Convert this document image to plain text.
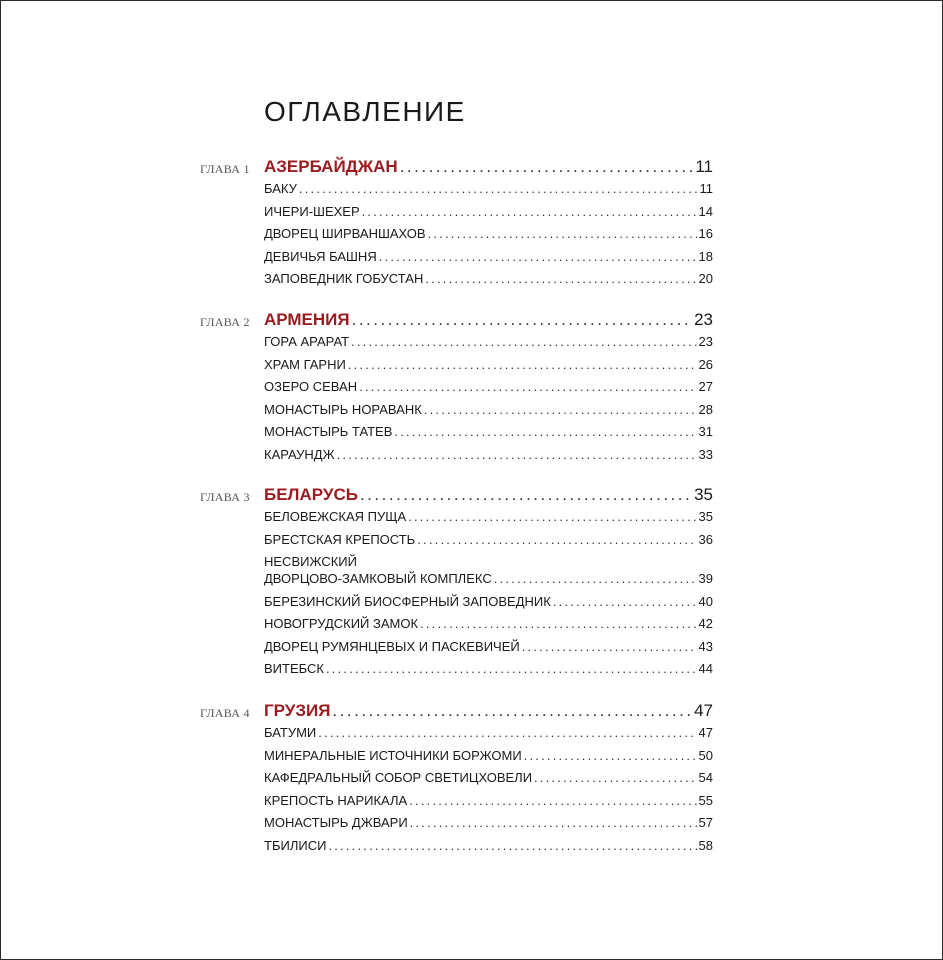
ОГЛАВЛЕНИЕ
ГЛАВА 1 АЗЕРБАЙДЖАН .....	11
БАКУ .....	11
ИЧЕРИ-ШЕХЕР .....	14
ДВОРЕЦ ШИРВАНШАХОВ .....	16
ДЕВИЧЬЯ БАШНЯ .....	18
ЗАПОВЕДНИК ГОБУСТАН .....	20
ГЛАВА 2 АРМЕНИЯ .....	23
ГОРА АРАРАТ .....	23
ХРАМ ГАРНИ .....	26
ОЗЕРО СЕВАН .....	27
МОНАСТЫРЬ НОРАВАНК .....	28
МОНАСТЫРЬ ТАТЕВ .....	31
КАРАУНДЖ .....	33
ГЛАВА 3 БЕЛАРУСЬ .....	35
БЕЛОВЕЖСКАЯ ПУЩА .....	35
БРЕСТСКАЯ КРЕПОСТЬ .....	36
НЕСВИЖСКИЙ
ДВОРЦОВО-ЗАМКОВЫЙ КОМПЛЕКС .....	39
БЕРЕЗИНСКИЙ БИОСФЕРНЫЙ ЗАПОВЕДНИК .....	40
НОВОГРУДСКИЙ ЗАМОК .....	42
ДВОРЕЦ РУМЯНЦЕВЫХ И ПАСКЕВИЧЕЙ .....	43
ВИТЕБСК .....	44
ГЛАВА 4 ГРУЗИЯ .....	47
БАТУМИ .....	47
МИНЕРАЛЬНЫЕ ИСТОЧНИКИ БОРЖОМИ .....	50
КАФЕДРАЛЬНЫЙ СОБОР СВЕТИЦХОВЕЛИ .....	54
КРЕПОСТЬ НАРИКАЛА .....	55
МОНАСТЫРЬ ДЖВАРИ .....	57
ТБИЛИСИ .....	58
